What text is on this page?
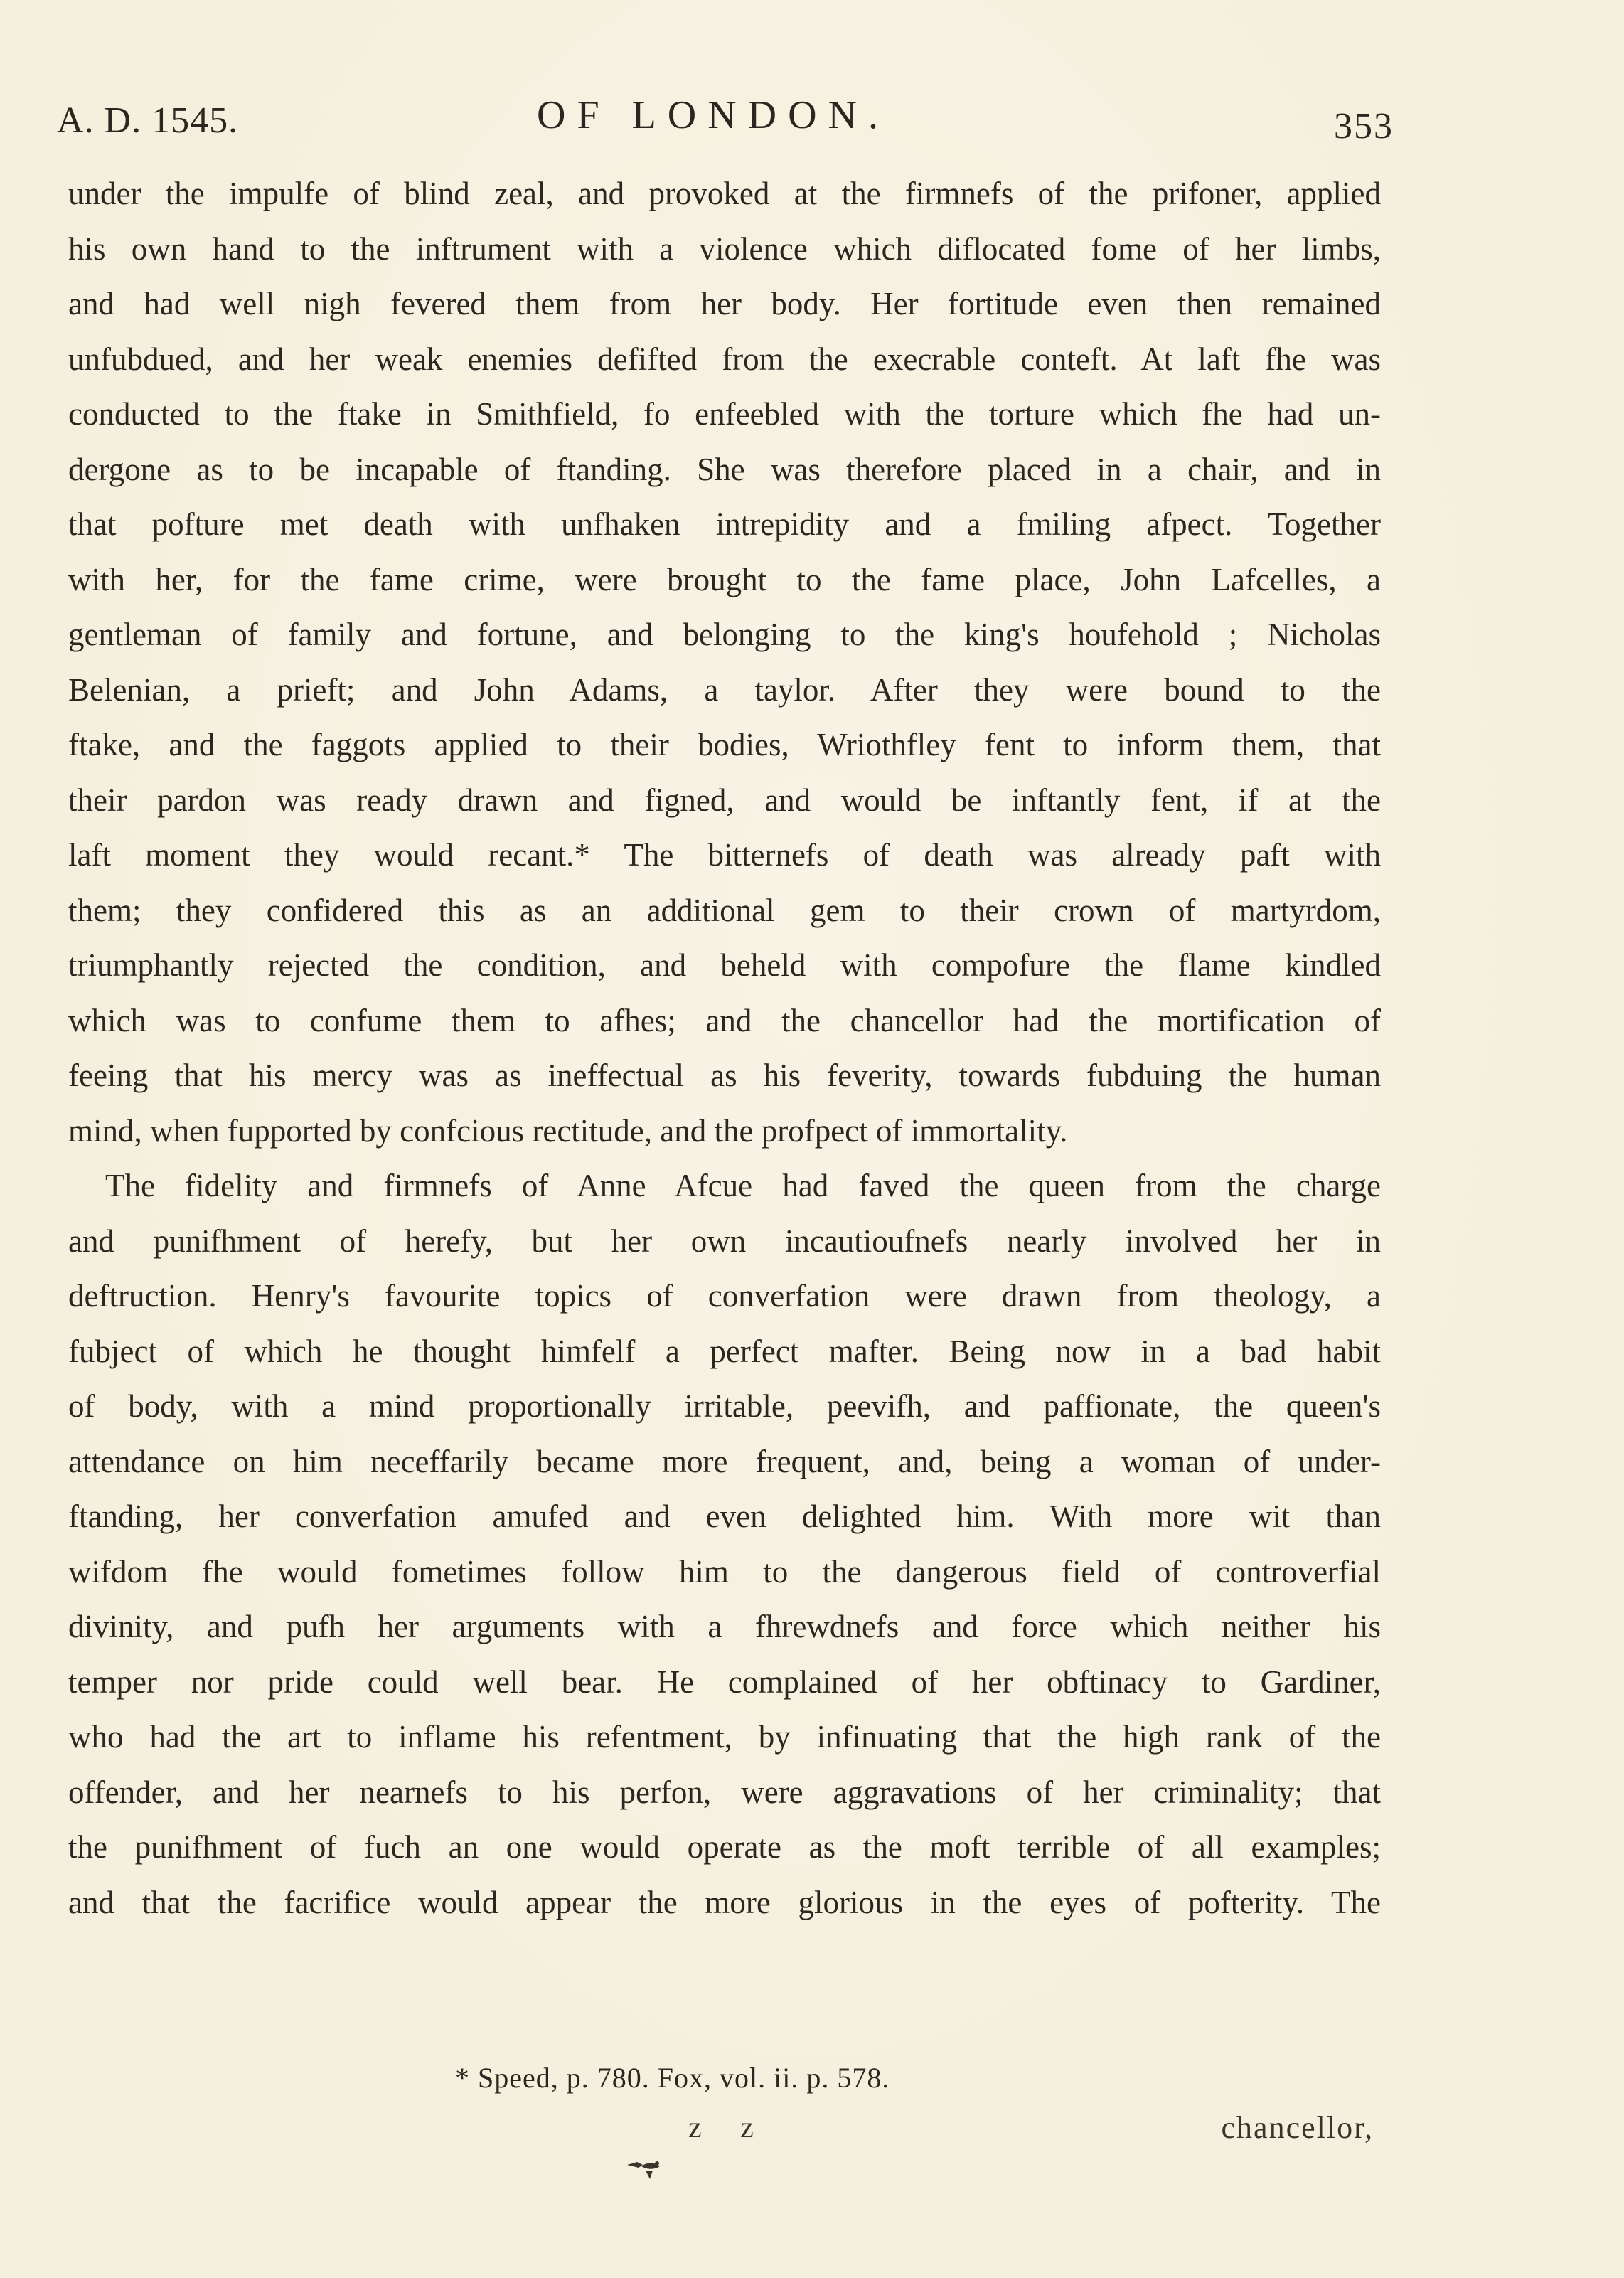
A. D. 1545.	OF LONDON.	353
under the impulfe of blind zeal, and provoked at the firmnefs of the prifoner, applied
his own hand to the inftrument with a violence which diflocated fome of her limbs,
and had well nigh fevered them from her body. Her fortitude even then remained
unfubdued, and her weak enemies defifted from the execrable conteft. At laft fhe was
conducted to the ftake in Smithfield, fo enfeebled with the torture which fhe had un-
dergone as to be incapable of ftanding. She was therefore placed in a chair, and in
that pofture met death with unfhaken intrepidity and a fmiling afpect. Together
with her, for the fame crime, were brought to the fame place, John Lafcelles, a
gentleman of family and fortune, and belonging to the king's houfehold ; Nicholas
Belenian, a prieft; and John Adams, a taylor. After they were bound to the
ftake, and the faggots applied to their bodies, Wriothfley fent to inform them, that
their pardon was ready drawn and figned, and would be inftantly fent, if at the
laft moment they would recant.* The bitternefs of death was already paft with
them; they confidered this as an additional gem to their crown of martyrdom,
triumphantly rejected the condition, and beheld with compofure the flame kindled
which was to confume them to afhes; and the chancellor had the mortification of
feeing that his mercy was as ineffectual as his feverity, towards fubduing the human
mind, when fupported by confcious rectitude, and the profpect of immortality.
The fidelity and firmnefs of Anne Afcue had faved the queen from the charge
and punifhment of herefy, but her own incautioufnefs nearly involved her in
deftruction. Henry's favourite topics of converfation were drawn from theology, a
fubject of which he thought himfelf a perfect mafter. Being now in a bad habit
of body, with a mind proportionally irritable, peevifh, and paffionate, the queen's
attendance on him neceffarily became more frequent, and, being a woman of under-
ftanding, her converfation amufed and even delighted him. With more wit than
wifdom fhe would fometimes follow him to the dangerous field of controverfial
divinity, and pufh her arguments with a fhrewdnefs and force which neither his
temper nor pride could well bear. He complained of her obftinacy to Gardiner,
who had the art to inflame his refentment, by infinuating that the high rank of the
offender, and her nearnefs to his perfon, were aggravations of her criminality; that
the punifhment of fuch an one would operate as the moft terrible of all examples;
and that the facrifice would appear the more glorious in the eyes of pofterity. The
* Speed, p. 780. Fox, vol. ii. p. 578.
z z	chancellor,
